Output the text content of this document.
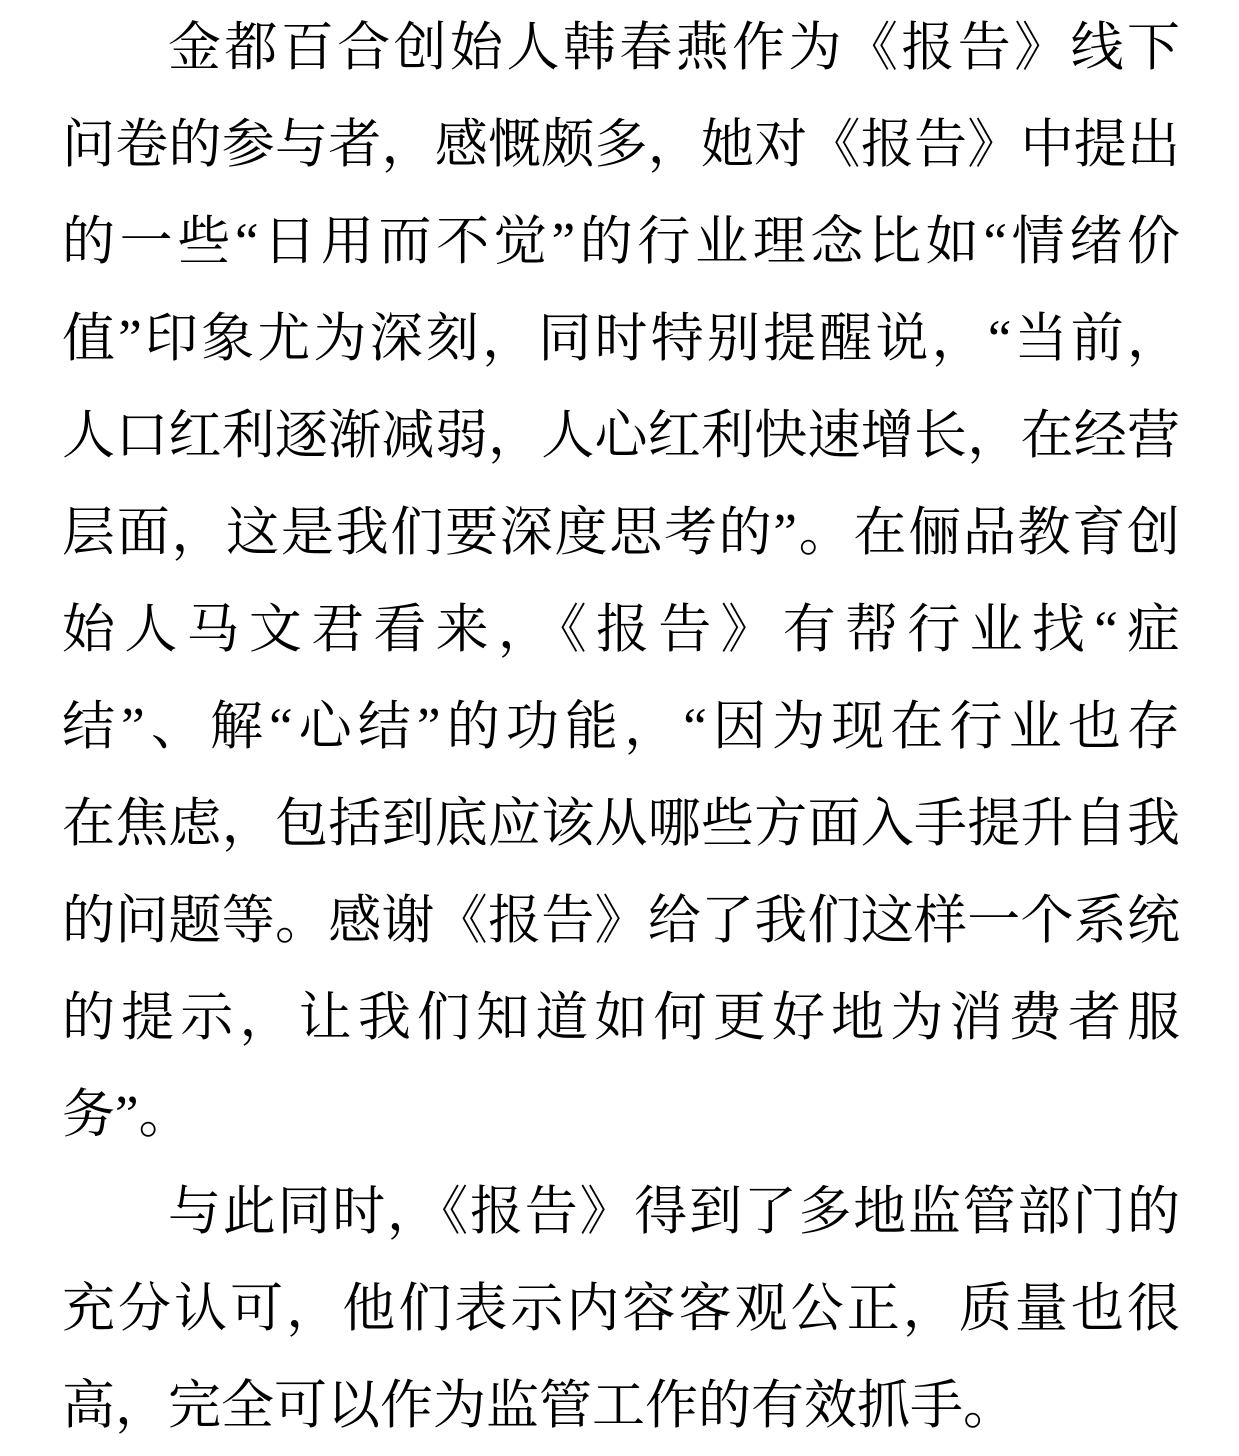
金都百合创始人韩春燕作为《报告》线下
问卷的参与者，感慨颇多，她对《报告》中提出
的一些“日用而不觉”的行业理念比如“情绪价
值”印象尤为深刻，同时特别提醒说，“当前，
人口红利逐渐减弱，人心红利快速增长，在经营
层面，这是我们要深度思考的”。在俪品教育创
始人马文君看来，《报告》有帮行业找“症
结”、解“心结”的功能，“因为现在行业也存
在焦虑，包括到底应该从哪些方面入手提升自我
的问题等。感谢《报告》给了我们这样一个系统
的提示，让我们知道如何更好地为消费者服
务”。
与此同时，《报告》得到了多地监管部门的
充分认可，他们表示内容客观公正，质量也很
高，完全可以作为监管工作的有效抓手。
